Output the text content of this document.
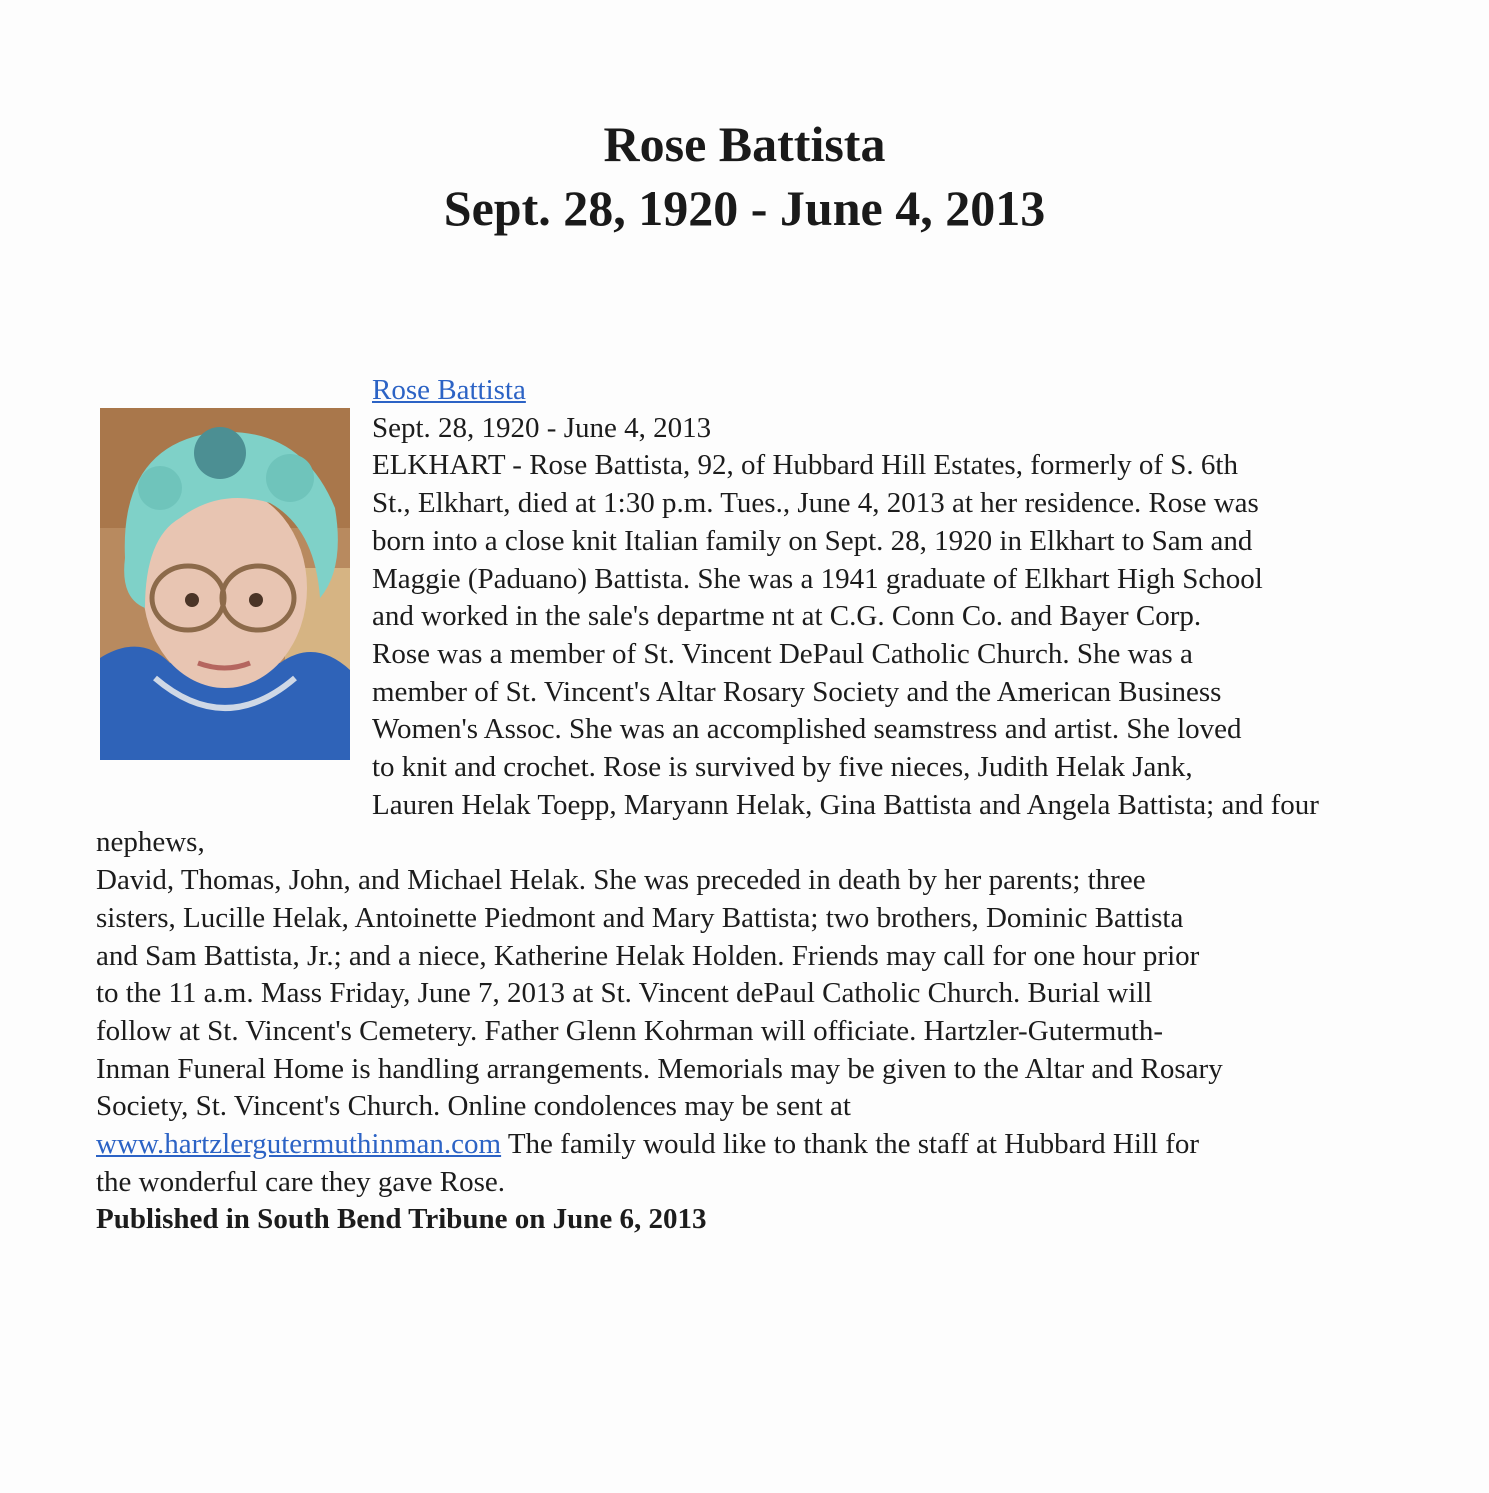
Rose Battista
Sept. 28, 1920 - June 4, 2013
Rose Battista
Sept. 28, 1920 - June 4, 2013
ELKHART - Rose Battista, 92, of Hubbard Hill Estates, formerly of S. 6th
St., Elkhart, died at 1:30 p.m. Tues., June 4, 2013 at her residence. Rose was
born into a close knit Italian family on Sept. 28, 1920 in Elkhart to Sam and
Maggie (Paduano) Battista. She was a 1941 graduate of Elkhart High School
and worked in the sale's departme nt at C.G. Conn Co. and Bayer Corp.
Rose was a member of St. Vincent DePaul Catholic Church. She was a
member of St. Vincent's Altar Rosary Society and the American Business
Women's Assoc. She was an accomplished seamstress and artist. She loved
to knit and crochet. Rose is survived by five nieces, Judith Helak Jank,
Lauren Helak Toepp, Maryann Helak, Gina Battista and Angela Battista; and four nephews,
David, Thomas, John, and Michael Helak. She was preceded in death by her parents; three
sisters, Lucille Helak, Antoinette Piedmont and Mary Battista; two brothers, Dominic Battista
and Sam Battista, Jr.; and a niece, Katherine Helak Holden. Friends may call for one hour prior
to the 11 a.m. Mass Friday, June 7, 2013 at St. Vincent dePaul Catholic Church. Burial will
follow at St. Vincent's Cemetery. Father Glenn Kohrman will officiate. Hartzler-Gutermuth-
Inman Funeral Home is handling arrangements. Memorials may be given to the Altar and Rosary
Society, St. Vincent's Church. Online condolences may be sent at
www.hartzlergutermuthinman.com The family would like to thank the staff at Hubbard Hill for
the wonderful care they gave Rose.
Published in South Bend Tribune on June 6, 2013
